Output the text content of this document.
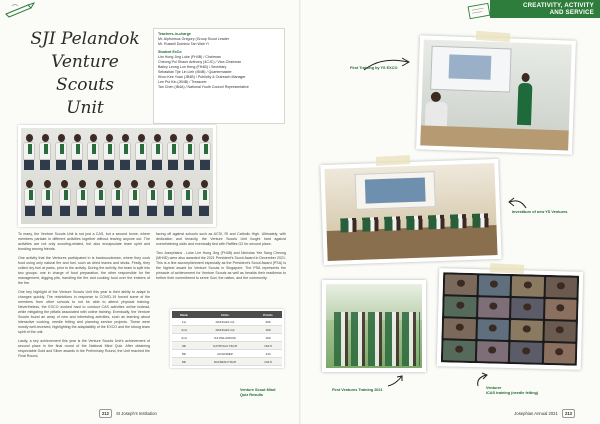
CREATIVITY, ACTIVITY
AND SERVICE
SJI Pelandok
Venture Scouts
Unit
Teachers-in-charge
Mr. Alphonsus Gregory (Group Scout Leader
Mr. Russell Dominic Tan Wah Yi
Student ExCo
Lim Hong Jing Luke (FH4B) / Chairman
Cheong Pui Shaun Anthony (4CJC) / Vice-Chairman
Bailey Leong Lun Heng (FH4B) / Secretary
Sebastian Tjie Lin Lieh (IB4B) / Quartermaster
Khoo Kee Yuan (JB4B) / Publicity & Outreach Manager
Lee Pui Kin (JB4B) / Treasurer
Tan Chen (IB4A) / National Youth Council Representative

To many, the Venture Scouts Unit is not just a CAS, but a second home, where members partake in different activities together without leaving anyone out. The activities are not only scouting-related, but also encapsulate team spirit and bonding among friends.

One activity that the Ventures participated in is backwoodsman, where they cook food using only natural fire and fuel, such as dried leaves and sticks. Firstly, they collect dry fuel at parks, prior to the activity. During the activity, the team is split into two groups: one in charge of food preparation, the other responsible for fire management, digging pits, handling the fire and cooking food over the embers of the fire.

One key highlight of the Venture Scouts Unit this year is their ability to adapt to changes quickly. The restrictions in response to COVID-19 forced some of the members from other schools to not be able to attend physical training. Nevertheless, the EXCO worked hard to conduct CAS activities online instead, while mitigating the pitfalls associated with online training. Eventually, the Venture Scouts found an array of new and interesting activities, such as learning about interactive cooking, needle felting and planning service projects. These were mostly well-received, highlighting the adaptability of the EXCO and the strong team spirit of the unit.

Lastly, a key achievement this year is the Venture Scouts Unit's achievement of second place in the final round of the National Mind Quiz. After obtaining respectable Gold and Silver awards in the Preliminary Round, the Unit reached the Final Round,

facing off against schools such as ACSI, RI and Catholic High. Ultimately, with dedication and tenacity, the Venture Scouts Unit fought hard against overwhelming odds and eventually tied with Raffles G2 for second place.

Two Josephians - Luke Lim Hong Jing (FH4B) and Nicholas Yee Sang Cheung (MH4D) were also awarded the 2021 President's Scout Award in December 2021. This is a fine accomplishment especially as the President's Scout Award (PSA) is the highest award for Venture Scouts in Singapore. The PSA represents the pinnacle of achievement for Venture Scouts as well as heralds their readiness to further their commitment to serve God, the nation, and the community.

Rank	Units	Points
1st	RAFFLES G1	206
2nd	RAFFLES G2	190
2nd	SJI PELANDOK	190
4th	CATHOLIC HIGH	162.5
5th	ACSINDEP	143
6th	DUNMAN HIGH	132.5
Venture Scout Mind
Quiz Results
212 St Joseph's Institution
First Training by YS EXCO
Investiture of new YS Ventures
First Ventures Training 2021	Venturer
iCAS training (needle felting)
Josephian Annual 2021 213
